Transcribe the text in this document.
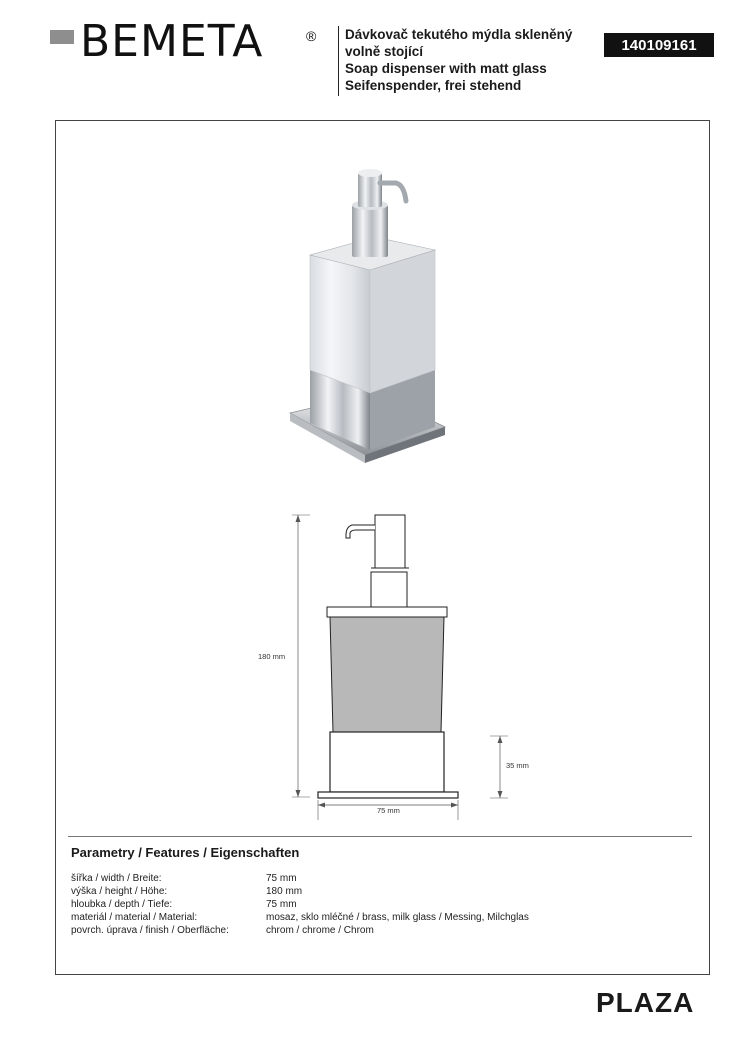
BEMETA	® Dávkovač tekutého mýdla skleněný
volně stojící
Soap dispenser with matt glass
Seifenspender, frei stehend
140109161
180 mm
35 mm
75 mm
Parametry / Features / Eigenschaften
šířka / width / Breite:	75 mm
výška / height / Höhe:	180 mm
hloubka / depth / Tiefe:	75 mm
materiál / material / Material:	mosaz, sklo mléčné / brass, milk glass / Messing, Milchglas
povrch. úprava / finish / Oberfläche:	chrom / chrome / Chrom
PLAZA
